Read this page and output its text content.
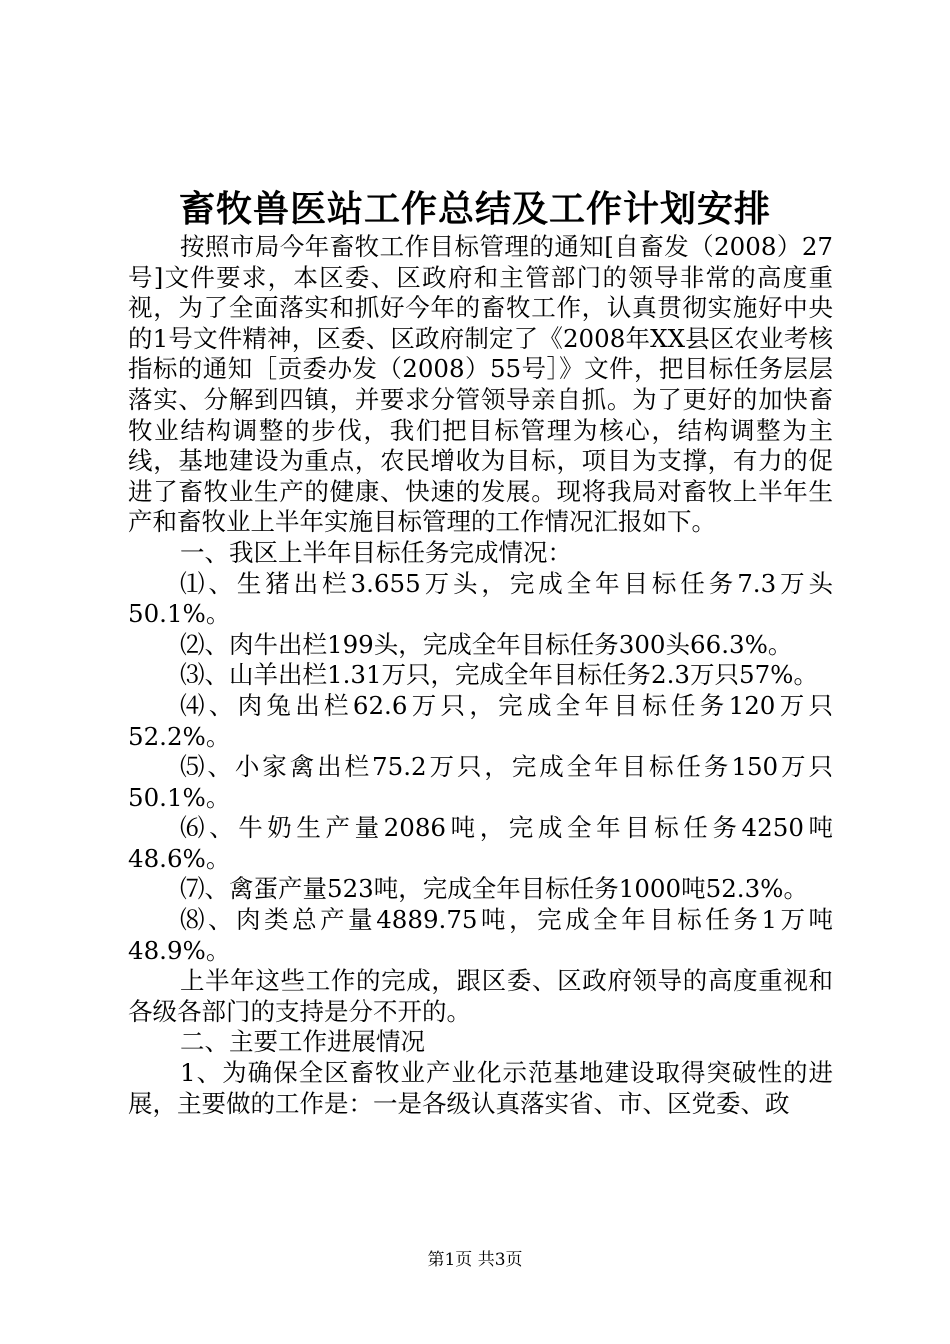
畜牧兽医站工作总结及工作计划安排

按照市局今年畜牧工作目标管理的通知[自畜发（2008）27号]文件要求，本区委、区政府和主管部门的领导非常的高度重视，为了全面落实和抓好今年的畜牧工作，认真贯彻实施好中央的1号文件精神，区委、区政府制定了《2008年XX县区农业考核指标的通知［贡委办发（2008）55号］》文件，把目标任务层层落实、分解到四镇，并要求分管领导亲自抓。为了更好的加快畜牧业结构调整的步伐，我们把目标管理为核心，结构调整为主线，基地建设为重点，农民增收为目标，项目为支撑，有力的促进了畜牧业生产的健康、快速的发展。现将我局对畜牧上半年生产和畜牧业上半年实施目标管理的工作情况汇报如下。

一、我区上半年目标任务完成情况：

⑴、生猪出栏3.655万头，完成全年目标任务7.3万头50.1%。

⑵、肉牛出栏199头，完成全年目标任务300头66.3%。

⑶、山羊出栏1.31万只，完成全年目标任务2.3万只57%。

⑷、肉兔出栏62.6万只，完成全年目标任务120万只52.2%。

⑸、小家禽出栏75.2万只，完成全年目标任务150万只50.1%。

⑹、牛奶生产量2086吨，完成全年目标任务4250吨48.6%。

⑺、禽蛋产量523吨，完成全年目标任务1000吨52.3%。

⑻、肉类总产量4889.75吨，完成全年目标任务1万吨48.9%。

上半年这些工作的完成，跟区委、区政府领导的高度重视和各级各部门的支持是分不开的。

二、主要工作进展情况

1、为确保全区畜牧业产业化示范基地建设取得突破性的进展，主要做的工作是：一是各级认真落实省、市、区党委、政

第1页 共3页
